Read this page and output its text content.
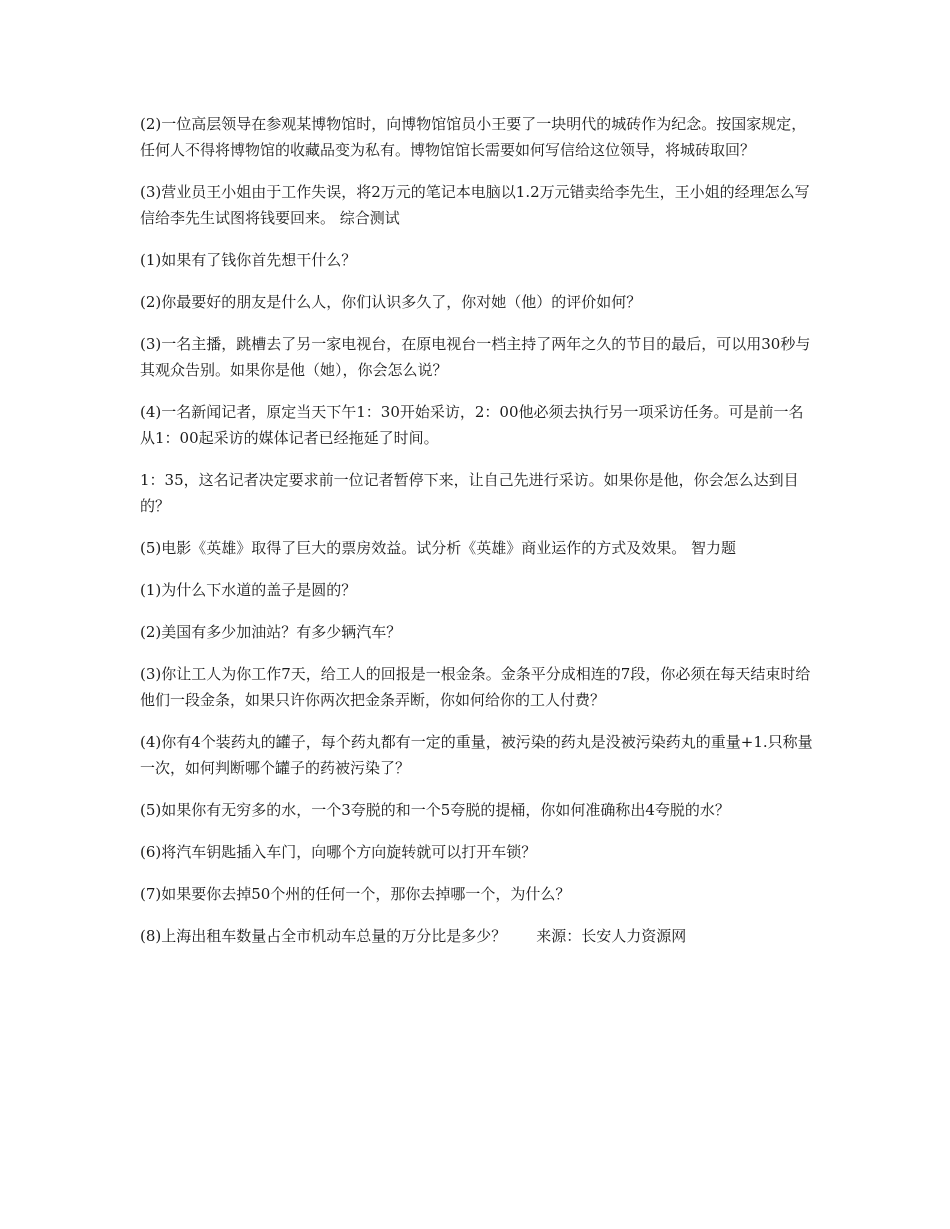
(2)一位高层领导在参观某博物馆时，向博物馆馆员小王要了一块明代的城砖作为纪念。按国家规定，任何人不得将博物馆的收藏品变为私有。博物馆馆长需要如何写信给这位领导，将城砖取回？

(3)营业员王小姐由于工作失误，将2万元的笔记本电脑以1.2万元错卖给李先生，王小姐的经理怎么写信给李先生试图将钱要回来。 综合测试

(1)如果有了钱你首先想干什么？

(2)你最要好的朋友是什么人，你们认识多久了，你对她（他）的评价如何？

(3)一名主播，跳槽去了另一家电视台，在原电视台一档主持了两年之久的节目的最后，可以用30秒与其观众告别。如果你是他（她），你会怎么说？

(4)一名新闻记者，原定当天下午1：30开始采访，2：00他必须去执行另一项采访任务。可是前一名从1：00起采访的媒体记者已经拖延了时间。

1：35，这名记者决定要求前一位记者暂停下来，让自己先进行采访。如果你是他，你会怎么达到目的？

(5)电影《英雄》取得了巨大的票房效益。试分析《英雄》商业运作的方式及效果。 智力题

(1)为什么下水道的盖子是圆的？

(2)美国有多少加油站？有多少辆汽车？

(3)你让工人为你工作7天，给工人的回报是一根金条。金条平分成相连的7段，你必须在每天结束时给他们一段金条，如果只许你两次把金条弄断，你如何给你的工人付费？

(4)你有4个装药丸的罐子，每个药丸都有一定的重量，被污染的药丸是没被污染药丸的重量+1.只称量一次，如何判断哪个罐子的药被污染了？

(5)如果你有无穷多的水，一个3夸脱的和一个5夸脱的提桶，你如何准确称出4夸脱的水？

(6)将汽车钥匙插入车门，向哪个方向旋转就可以打开车锁？

(7)如果要你去掉50个州的任何一个，那你去掉哪一个，为什么？

(8)上海出租车数量占全市机动车总量的万分比是多少？　　来源：长安人力资源网
